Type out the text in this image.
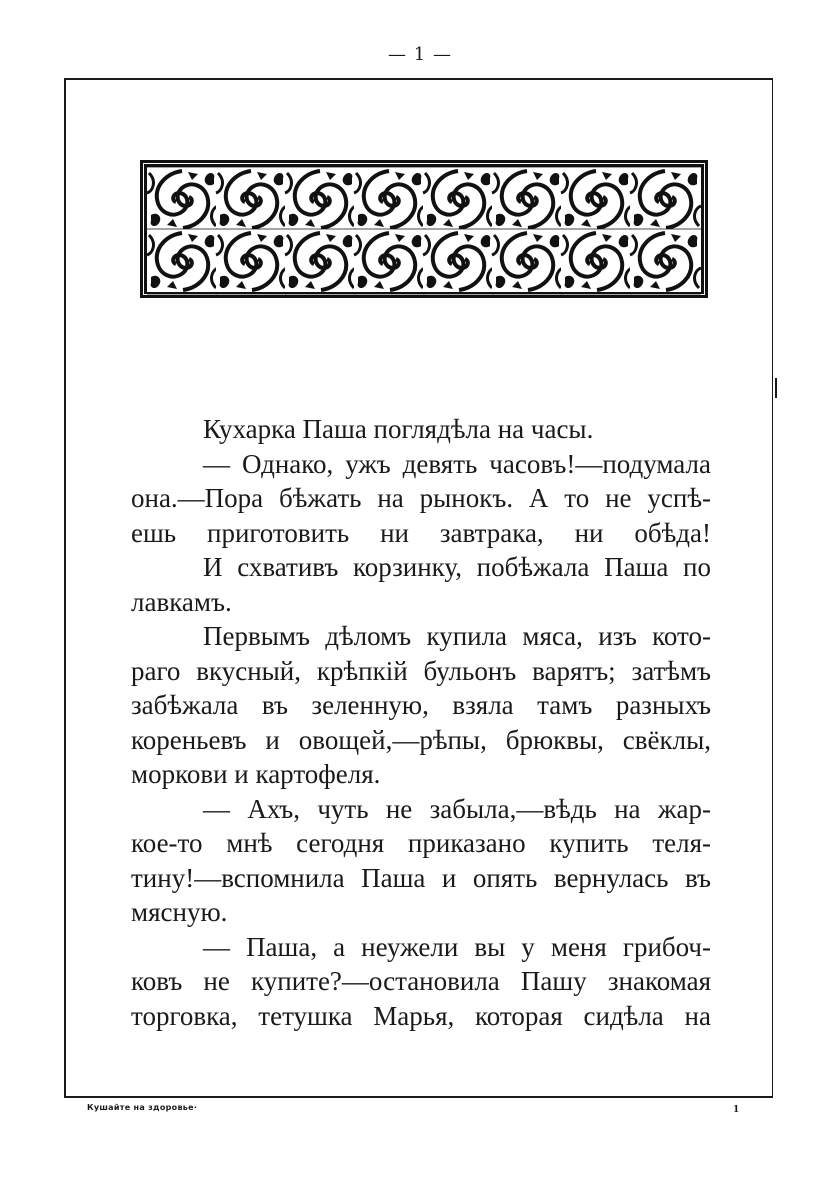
— 1 —
Кухарка Паша поглядѣла на часы.
— Однако, ужъ девять часовъ!—подумала
она.—Пора бѣжать на рынокъ. А то не успѣ-
ешь приготовить ни завтрака, ни обѣда!
И схвативъ корзинку, побѣжала Паша по
лавкамъ.
Первымъ дѣломъ купила мяса, изъ кото-
раго вкусный, крѣпкій бульонъ варятъ; затѣмъ
забѣжала въ зеленную, взяла тамъ разныхъ
кореньевъ и овощей,—рѣпы, брюквы, свёклы,
моркови и картофеля.
— Ахъ, чуть не забыла,—вѣдь на жар-
кое-то мнѣ сегодня приказано купить теля-
тину!—вспомнила Паша и опять вернулась въ
мясную.
— Паша, а неужели вы у меня грибоч-
ковъ не купите?—остановила Пашу знакомая
торговка, тетушка Марья, которая сидѣла на
Кушайте на здоровье·	1
